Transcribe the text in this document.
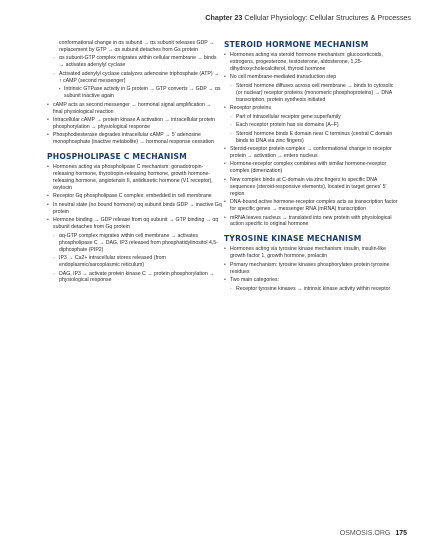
Chapter 23 Cellular Physiology: Cellular Structures & Processes
conformational change in αs subunit → αs subunit releases GDP → replacement by GTP → αs subunit detaches from Gs protein
◦ αs subunit-GTP complex migrates within cellular membrane → binds → activates adenylyl cyclase
◦ Activated adenylyl cyclase catalyzes adenosine triphosphate (ATP) → ↑ cAMP (second messenger)
▪ Intrinsic GTPase activity in G protein → GTP converts → GDP → αs subunit inactive again
• cAMP acts as second messenger → hormonal signal amplification → final physiological reaction
• Intracellular cAMP → protein kinase A activation → intracellular protein phosphorylation → physiological response
• Phosphodiesterase degrades intracellular cAMP → 5′ adenosine monophosphate (inactive metabolite) → hormonal response cessation
PHOSPHOLIPASE C MECHANISM
• Hormones acting via phospholipase C mechanism: gonadotropin-releasing hormone, thyrotropin-releasing hormone, growth hormone-releasing hormone, angiotensin II, antidiuretic hormone (V1 receptor), oxytocin
• Receptor Gq phospholipase C complex: embedded in cell membrane
• In neutral state (no bound hormone) αq subunit binds GDP → inactive Gq protein
• Hormone binding → GDP release from αq subunit → GTP binding → αq subunit detaches from Gq protein
◦ αq-GTP complex migrates within cell membrane → activates phospholipase C → DAG, IP3 released from phosphatidylinositol 4,5-diphosphate (PIP2)
◦ IP3 → Ca2+ intracellular stores released (from endoplasmic/sarcoplasmic reticulum)
◦ DAG, IP3 → activate protein kinase C → protein phosphorylation → physiological response
STEROID HORMONE MECHANISM
• Hormones acting via steroid hormone mechanism: glucocorticoids, estrogens, progesterone, testosterone, aldosterone, 1,25-dihydroxycholecalciferol, thyroid hormone
• No cell membrane-mediated transduction step
◦ Steroid hormone diffuses across cell membrane → binds to cytosolic (or nuclear) receptor proteins (monomeric phosphoproteins) → DNA transcription, protein synthesis initiated
• Receptor proteins
◦ Part of intracellular receptor gene superfamily
◦ Each receptor protein has six domains (A–F)
◦ Steroid hormone binds E domain near C terminus (central C domain binds to DNA via zinc fingers)
• Steroid-receptor protein complex → conformational change in receptor protein → activation → enters nucleus
• Hormone-receptor complex combines with similar hormone-receptor complex (dimerization)
• New complex binds at C-domain via zinc fingers to specific DNA sequences (steroid-responsive elements), located in target genes' 5′ region
• DNA-bound active hormone-receptor complex acts as transcription factor for specific genes → messenger RNA (mRNA) transcription
• mRNA leaves nucleus → translated into new protein with physiological action specific to original hormone
TYROSINE KINASE MECHANISM
• Hormones acting via tyrosine kinase mechanism: insulin, insulin-like growth factor 1, growth hormone, prolactin
• Primary mechanism: tyrosine kinases phosphorylates protein tyrosine residues
• Two main categories:
◦ Receptor tyrosine kinases → intrinsic kinase activity within receptor
OSMOSIS.ORG 175
